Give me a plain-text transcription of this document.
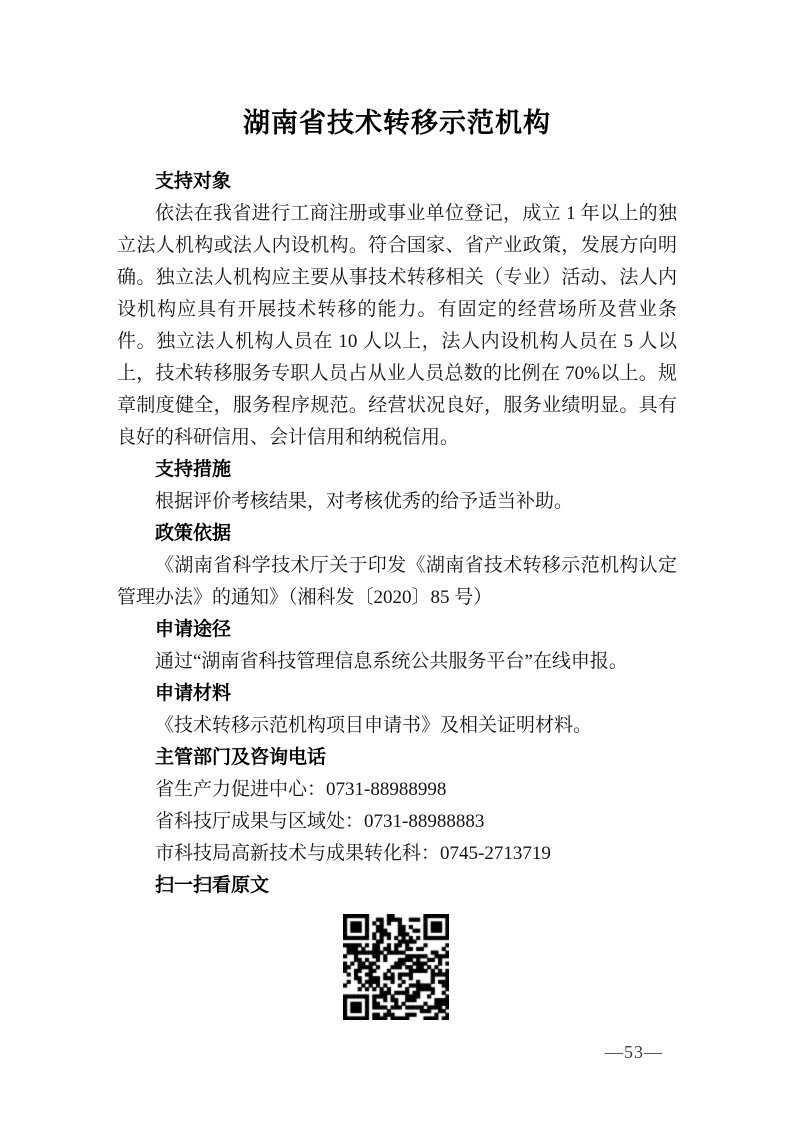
湖南省技术转移示范机构
支持对象

依法在我省进行工商注册或事业单位登记，成立 1 年以上的独立法人机构或法人内设机构。符合国家、省产业政策，发展方向明确。独立法人机构应主要从事技术转移相关（专业）活动、法人内设机构应具有开展技术转移的能力。有固定的经营场所及营业条件。独立法人机构人员在 10 人以上，法人内设机构人员在 5 人以上，技术转移服务专职人员占从业人员总数的比例在 70%以上。规章制度健全，服务程序规范。经营状况良好，服务业绩明显。具有良好的科研信用、会计信用和纳税信用。

支持措施

根据评价考核结果，对考核优秀的给予适当补助。

政策依据

《湖南省科学技术厅关于印发《湖南省技术转移示范机构认定管理办法》的通知》（湘科发〔2020〕85 号）

申请途径

通过“湖南省科技管理信息系统公共服务平台”在线申报。

申请材料

《技术转移示范机构项目申请书》及相关证明材料。

主管部门及咨询电话

省生产力促进中心：0731-88988998

省科技厅成果与区域处：0731-88988883

市科技局高新技术与成果转化科：0745-2713719

扫一扫看原文
—53—
